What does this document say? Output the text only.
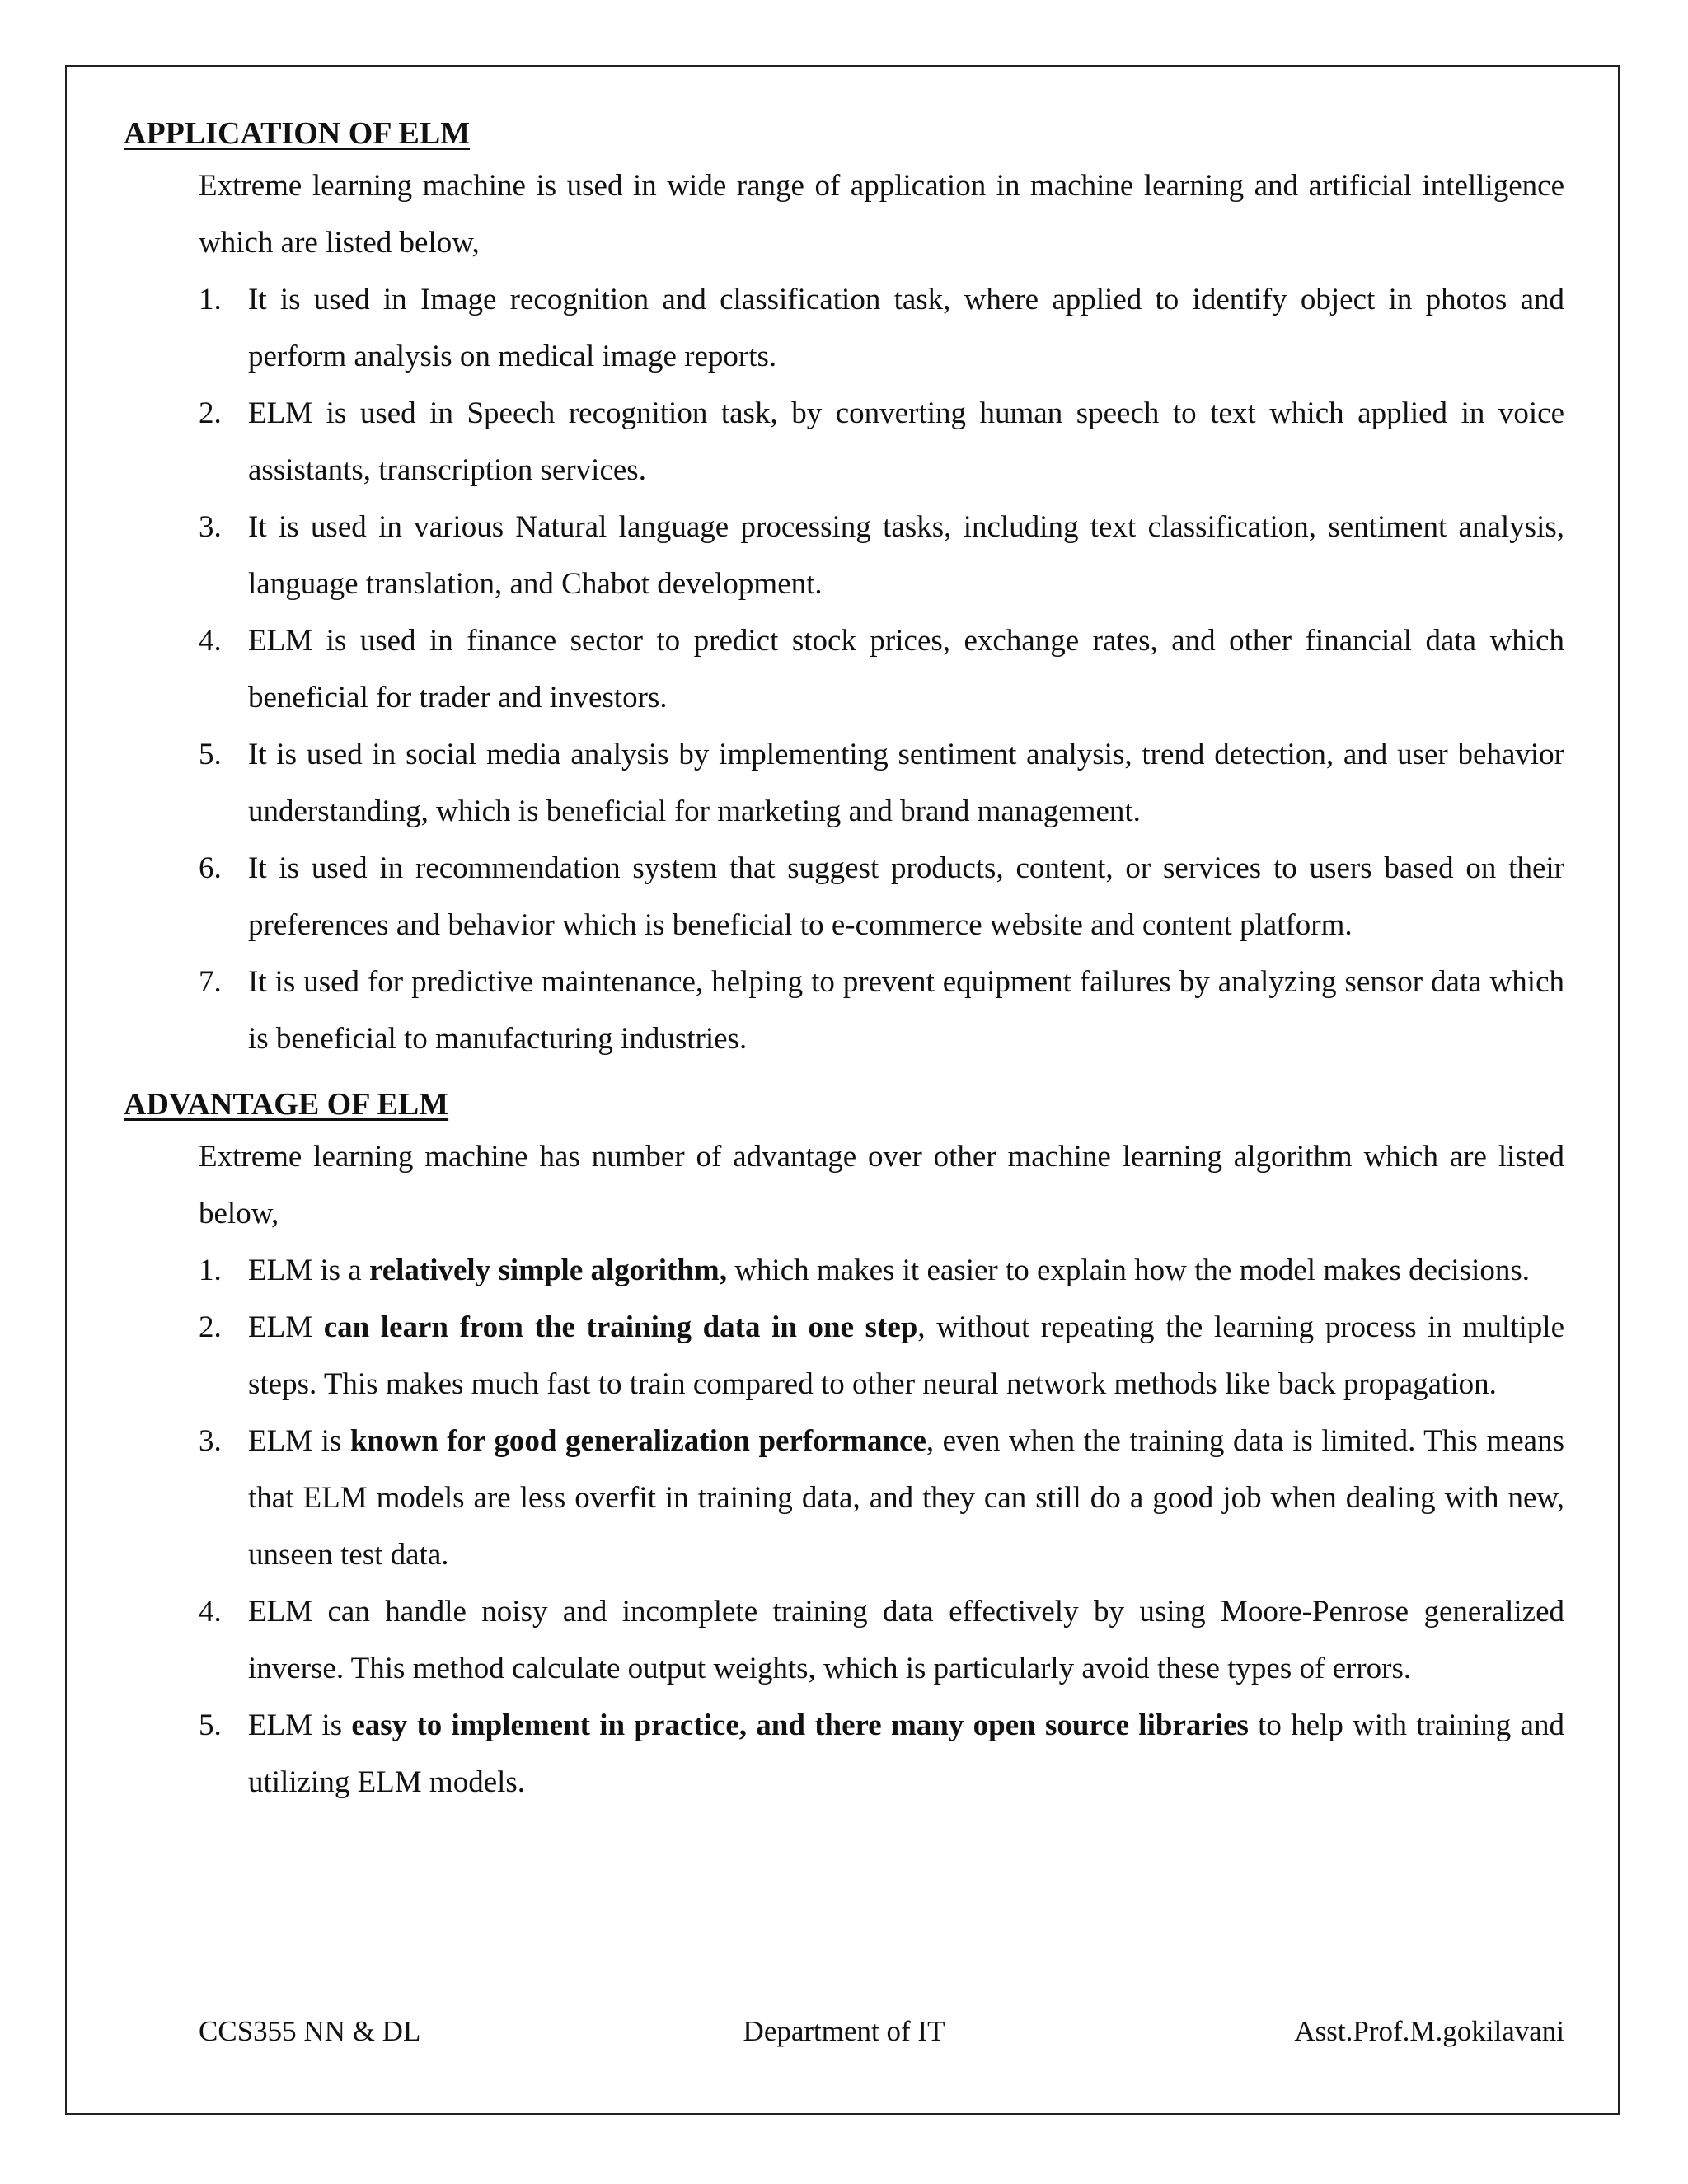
APPLICATION OF ELM

Extreme learning machine is used in wide range of application in machine learning and artificial intelligence which are listed below,

1. It is used in Image recognition and classification task, where applied to identify object in photos and perform analysis on medical image reports.
2. ELM is used in Speech recognition task, by converting human speech to text which applied in voice assistants, transcription services.
3. It is used in various Natural language processing tasks, including text classification, sentiment analysis, language translation, and Chabot development.
4. ELM is used in finance sector to predict stock prices, exchange rates, and other financial data which beneficial for trader and investors.
5. It is used in social media analysis by implementing sentiment analysis, trend detection, and user behavior understanding, which is beneficial for marketing and brand management.
6. It is used in recommendation system that suggest products, content, or services to users based on their preferences and behavior which is beneficial to e-commerce website and content platform.
7. It is used for predictive maintenance, helping to prevent equipment failures by analyzing sensor data which is beneficial to manufacturing industries.
ADVANTAGE OF ELM

Extreme learning machine has number of advantage over other machine learning algorithm which are listed below,

1. ELM is a relatively simple algorithm, which makes it easier to explain how the model makes decisions.
2. ELM can learn from the training data in one step, without repeating the learning process in multiple steps. This makes much fast to train compared to other neural network methods like back propagation.
3. ELM is known for good generalization performance, even when the training data is limited. This means that ELM models are less overfit in training data, and they can still do a good job when dealing with new, unseen test data.
4. ELM can handle noisy and incomplete training data effectively by using Moore-Penrose generalized inverse. This method calculate output weights, which is particularly avoid these types of errors.
5. ELM is easy to implement in practice, and there many open source libraries to help with training and utilizing ELM models.
CCS355 NN & DL	Department of IT	Asst.Prof.M.gokilavani
